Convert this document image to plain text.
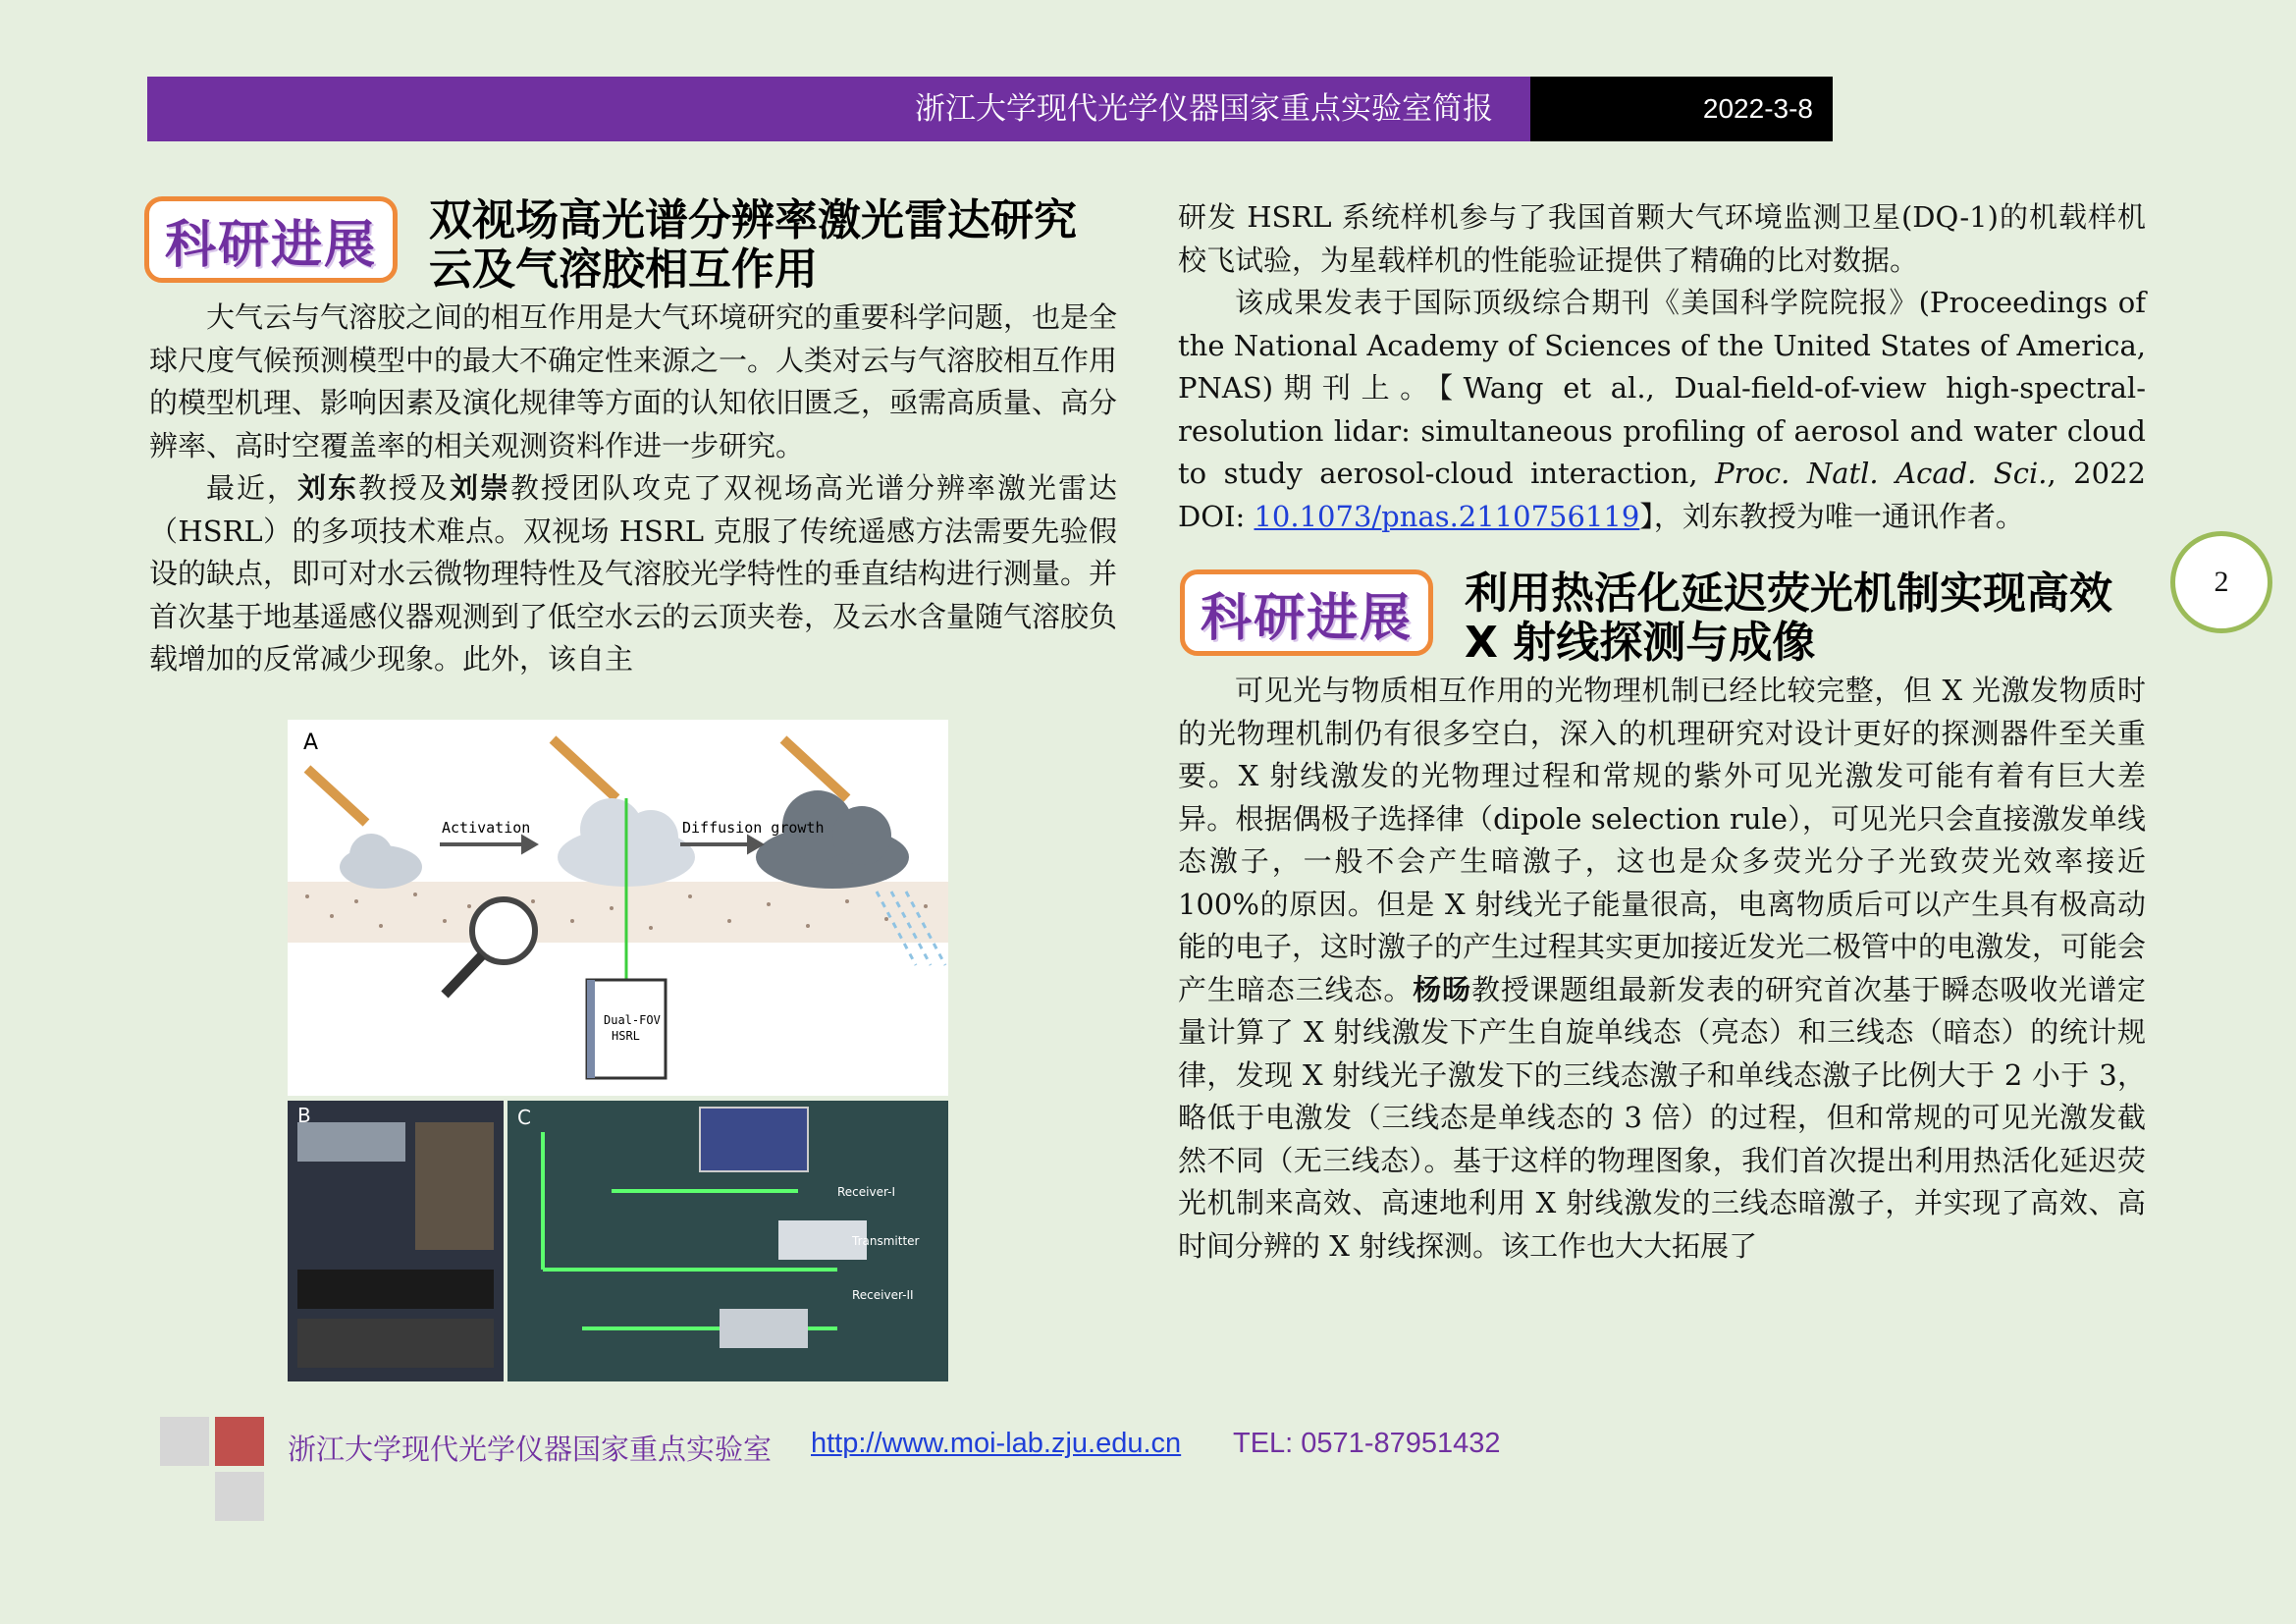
浙江大学现代光学仪器国家重点实验室简报	2022-3-8
科研进展 双视场高光谱分辨率激光雷达研究
云及气溶胶相互作用

大气云与气溶胶之间的相互作用是大气环境研究的重要科学问题，也是全球尺度气候预测模型中的最大不确定性来源之一。人类对云与气溶胶相互作用的模型机理、影响因素及演化规律等方面的认知依旧匮乏，亟需高质量、高分辨率、高时空覆盖率的相关观测资料作进一步研究。

最近，刘东教授及刘崇教授团队攻克了双视场高光谱分辨率激光雷达（HSRL）的多项技术难点。双视场 HSRL 克服了传统遥感方法需要先验假设的缺点，即可对水云微物理特性及气溶胶光学特性的垂直结构进行测量。并首次基于地基遥感仪器观测到了低空水云的云顶夹卷，及云水含量随气溶胶负载增加的反常减少现象。此外，该自主

A
Activation	Diffusion growth
Dual-FOV
HSRL
B	C
Receiver-I
Transmitter
Receiver-II

研发 HSRL 系统样机参与了我国首颗大气环境监测卫星(DQ-1)的机载样机校飞试验，为星载样机的性能验证提供了精确的比对数据。

该成果发表于国际顶级综合期刊《美国科学院院报》(Proceedings of the National Academy of Sciences of the United States of America, PNAS)期刊上。【Wang et al., Dual-field-of-view high-spectral-resolution lidar: simultaneous profiling of aerosol and water cloud to study aerosol-cloud interaction, Proc. Natl. Acad. Sci., 2022 DOI: 10.1073/pnas.2110756119】，刘东教授为唯一通讯作者。

2
科研进展 利用热活化延迟荧光机制实现高效
X 射线探测与成像

可见光与物质相互作用的光物理机制已经比较完整，但 X 光激发物质时的光物理机制仍有很多空白，深入的机理研究对设计更好的探测器件至关重要。X 射线激发的光物理过程和常规的紫外可见光激发可能有着有巨大差异。根据偶极子选择律（dipole selection rule），可见光只会直接激发单线态激子，一般不会产生暗激子，这也是众多荧光分子光致荧光效率接近 100%的原因。但是 X 射线光子能量很高，电离物质后可以产生具有极高动能的电子，这时激子的产生过程其实更加接近发光二极管中的电激发，可能会产生暗态三线态。杨旸教授课题组最新发表的研究首次基于瞬态吸收光谱定量计算了 X 射线激发下产生自旋单线态（亮态）和三线态（暗态）的统计规律，发现 X 射线光子激发下的三线态激子和单线态激子比例大于 2 小于 3，略低于电激发（三线态是单线态的 3 倍）的过程，但和常规的可见光激发截然不同（无三线态）。基于这样的物理图象，我们首次提出利用热活化延迟荧光机制来高效、高速地利用 X 射线激发的三线态暗激子，并实现了高效、高时间分辨的 X 射线探测。该工作也大大拓展了

浙江大学现代光学仪器国家重点实验室 http://www.moi-lab.zju.edu.cn TEL: 0571-87951432
